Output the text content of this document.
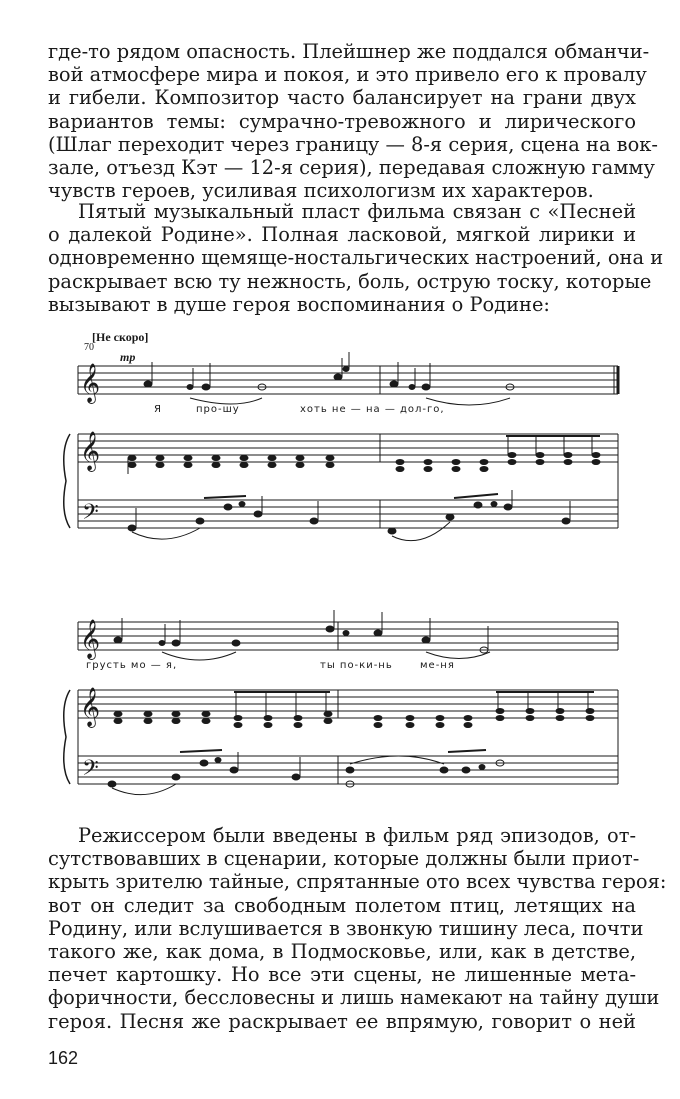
где-то рядом опасность. Плейшнер же поддался обманчи-
вой атмосфере мира и покоя, и это привело его к провалу
и гибели. Композитор часто балансирует на грани двух
вариантов темы: сумрачно-тревожного и лирического
(Шлаг переходит через границу — 8-я серия, сцена на вок-
зале, отъезд Кэт — 12-я серия), передавая сложную гамму
чувств героев, усиливая психологизм их характеров.
Пятый музыкальный пласт фильма связан с «Песней
о далекой Родине». Полная ласковой, мягкой лирики и
одновременно щемяще-ностальгических настроений, она и
раскрывает всю ту нежность, боль, острую тоску, которые
вызывают в душе героя воспоминания о Родине:
[Не скоро]
70
mp
𝄞
Я	про-шу	хоть не — на — дол-го,
𝄞
𝄢
𝄞
грусть мо — я,	ты по-ки-нь	ме-ня
𝄞
𝄢
Режиссером были введены в фильм ряд эпизодов, от-
сутствовавших в сценарии, которые должны были приот-
крыть зрителю тайные, спрятанные ото всех чувства героя:
вот он следит за свободным полетом птиц, летящих на
Родину, или вслушивается в звонкую тишину леса, почти
такого же, как дома, в Подмосковье, или, как в детстве,
печет картошку. Но все эти сцены, не лишенные мета-
форичности, бессловесны и лишь намекают на тайну души
героя. Песня же раскрывает ее впрямую, говорит о ней
162
